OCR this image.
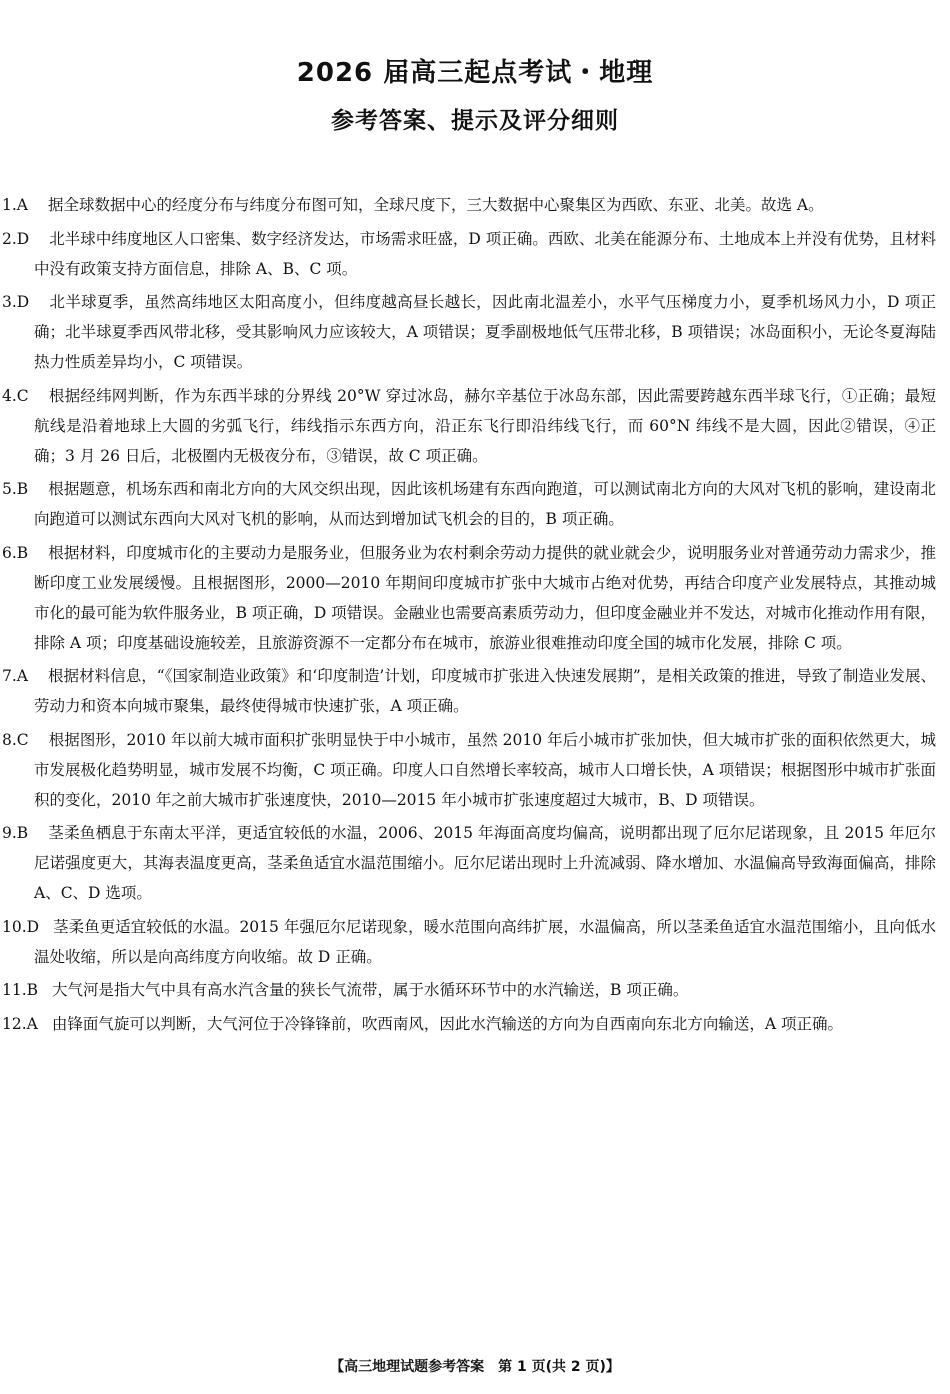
2026 届高三起点考试・地理
参考答案、提示及评分细则
1.A 据全球数据中心的经度分布与纬度分布图可知，全球尺度下，三大数据中心聚集区为西欧、东亚、北美。故选 A。
2.D 北半球中纬度地区人口密集、数字经济发达，市场需求旺盛，D 项正确。西欧、北美在能源分布、土地成本上并没有优势，且材料中没有政策支持方面信息，排除 A、B、C 项。
3.D 北半球夏季，虽然高纬地区太阳高度小，但纬度越高昼长越长，因此南北温差小，水平气压梯度力小，夏季机场风力小，D 项正确；北半球夏季西风带北移，受其影响风力应该较大，A 项错误；夏季副极地低气压带北移，B 项错误；冰岛面积小，无论冬夏海陆热力性质差异均小，C 项错误。
4.C 根据经纬网判断，作为东西半球的分界线 20°W 穿过冰岛，赫尔辛基位于冰岛东部，因此需要跨越东西半球飞行，①正确；最短航线是沿着地球上大圆的劣弧飞行，纬线指示东西方向，沿正东飞行即沿纬线飞行，而 60°N 纬线不是大圆，因此②错误，④正确；3 月 26 日后，北极圈内无极夜分布，③错误，故 C 项正确。
5.B 根据题意，机场东西和南北方向的大风交织出现，因此该机场建有东西向跑道，可以测试南北方向的大风对飞机的影响，建设南北向跑道可以测试东西向大风对飞机的影响，从而达到增加试飞机会的目的，B 项正确。
6.B 根据材料，印度城市化的主要动力是服务业，但服务业为农村剩余劳动力提供的就业就会少，说明服务业对普通劳动力需求少，推断印度工业发展缓慢。且根据图形，2000—2010 年期间印度城市扩张中大城市占绝对优势，再结合印度产业发展特点，其推动城市化的最可能为软件服务业，B 项正确，D 项错误。金融业也需要高素质劳动力，但印度金融业并不发达，对城市化推动作用有限，排除 A 项；印度基础设施较差，且旅游资源不一定都分布在城市，旅游业很难推动印度全国的城市化发展，排除 C 项。
7.A 根据材料信息，“《国家制造业政策》和‘印度制造’计划，印度城市扩张进入快速发展期”，是相关政策的推进，导致了制造业发展、劳动力和资本向城市聚集，最终使得城市快速扩张，A 项正确。
8.C 根据图形，2010 年以前大城市面积扩张明显快于中小城市，虽然 2010 年后小城市扩张加快，但大城市扩张的面积依然更大，城市发展极化趋势明显，城市发展不均衡，C 项正确。印度人口自然增长率较高，城市人口增长快，A 项错误；根据图形中城市扩张面积的变化，2010 年之前大城市扩张速度快，2010—2015 年小城市扩张速度超过大城市，B、D 项错误。
9.B 茎柔鱼栖息于东南太平洋，更适宜较低的水温，2006、2015 年海面高度均偏高，说明都出现了厄尔尼诺现象，且 2015 年厄尔尼诺强度更大，其海表温度更高，茎柔鱼适宜水温范围缩小。厄尔尼诺出现时上升流减弱、降水增加、水温偏高导致海面偏高，排除 A、C、D 选项。
10.D 茎柔鱼更适宜较低的水温。2015 年强厄尔尼诺现象，暖水范围向高纬扩展，水温偏高，所以茎柔鱼适宜水温范围缩小，且向低水温处收缩，所以是向高纬度方向收缩。故 D 正确。
11.B 大气河是指大气中具有高水汽含量的狭长气流带，属于水循环环节中的水汽输送，B 项正确。
12.A 由锋面气旋可以判断，大气河位于冷锋锋前，吹西南风，因此水汽输送的方向为自西南向东北方向输送，A 项正确。
【高三地理试题参考答案　第 1 页(共 2 页)】
